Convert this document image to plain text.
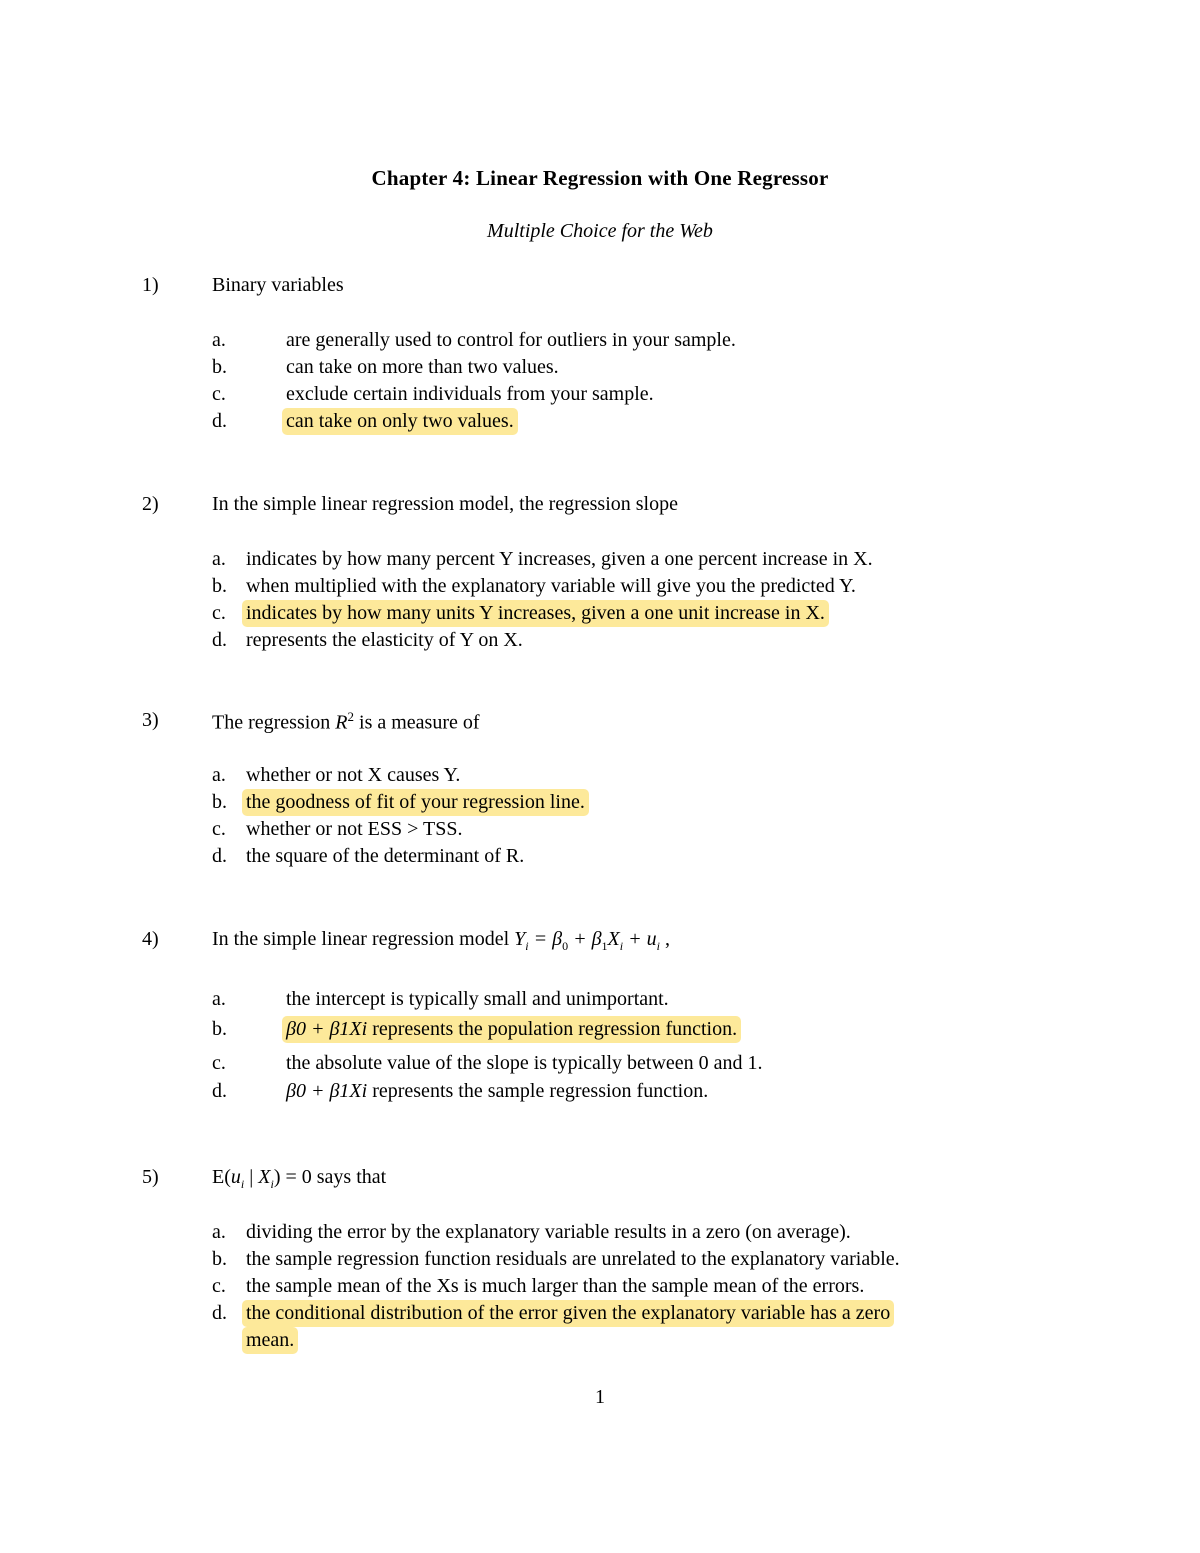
Chapter 4: Linear Regression with One Regressor
Multiple Choice for the Web
1)	Binary variables
a.	are generally used to control for outliers in your sample.
b.	can take on more than two values.
c.	exclude certain individuals from your sample.
d.	can take on only two values.
2)	In the simple linear regression model, the regression slope
a. indicates by how many percent Y increases, given a one percent increase in X.
b. when multiplied with the explanatory variable will give you the predicted Y.
c. indicates by how many units Y increases, given a one unit increase in X.
d. represents the elasticity of Y on X.
3)	The regression $R^2$ is a measure of
a. whether or not X causes Y.
b. the goodness of fit of your regression line.
c. whether or not ESS > TSS.
d. the square of the determinant of R.
4)	In the simple linear regression model $Y_i = \beta_0 + \beta_1X_i + u_i$ ,
a.	the intercept is typically small and unimportant.
b.	β0 + β1Xi represents the population regression function.
c.	the absolute value of the slope is typically between 0 and 1.
d.	β0 + β1Xi represents the sample regression function.
5)	$E(u_i$ | $X_i) = 0$ says that
a. dividing the error by the explanatory variable results in a zero (on average).
b. the sample regression function residuals are unrelated to the explanatory variable.
c. the sample mean of the Xs is much larger than the sample mean of the errors.
d. the conditional distribution of the error given the explanatory variable has a zero
mean.
1
